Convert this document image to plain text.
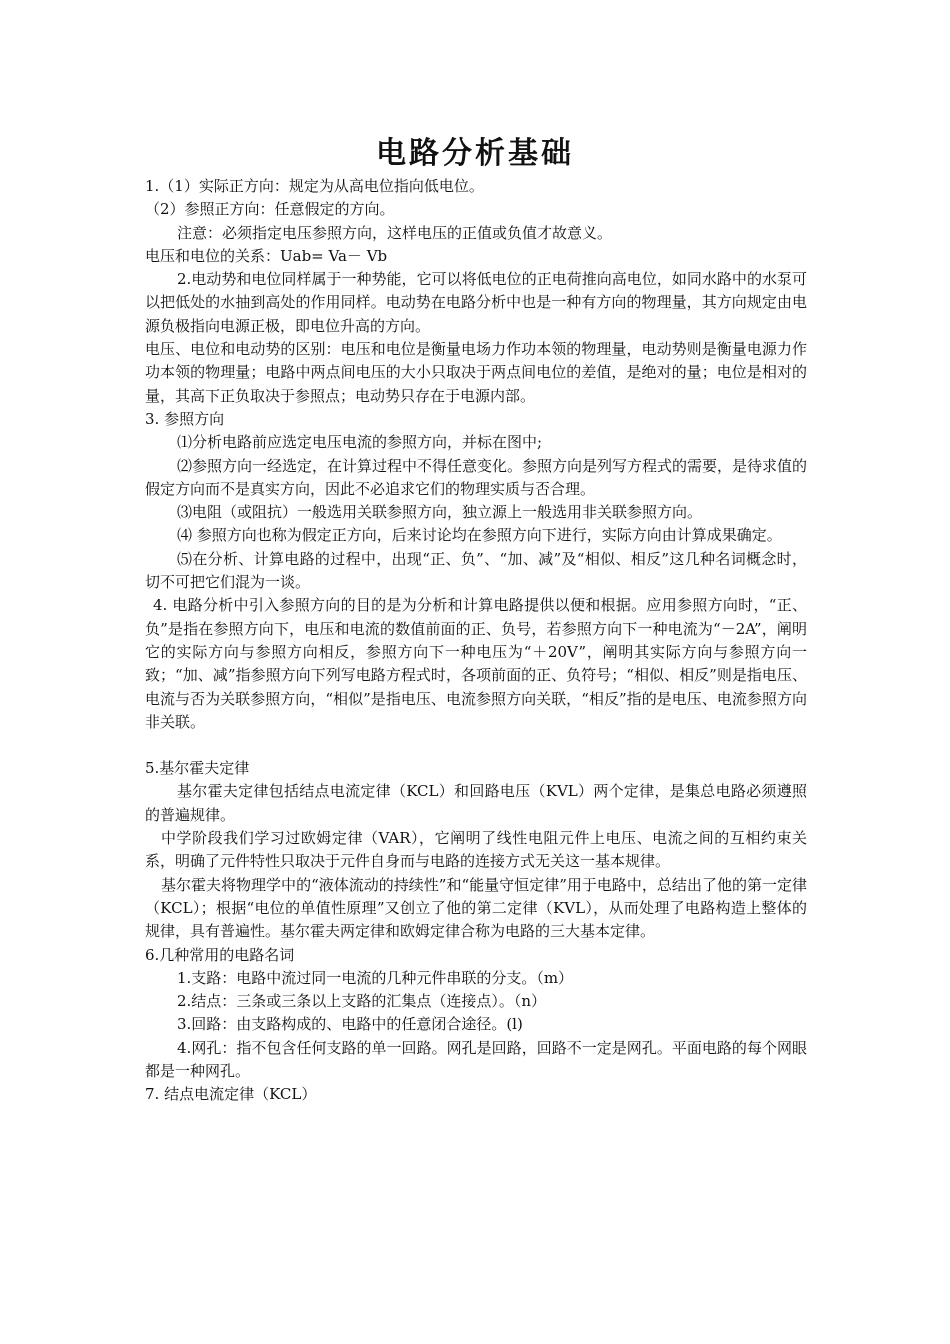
电路分析基础

1.（1）实际正方向：规定为从高电位指向低电位。

（2）参照正方向：任意假定的方向。

注意：必须指定电压参照方向，这样电压的正值或负值才故意义。

电压和电位的关系：Uab= Va－ Vb

2.电动势和电位同样属于一种势能，它可以将低电位的正电荷推向高电位，如同水路中的水泵可以把低处的水抽到高处的作用同样。电动势在电路分析中也是一种有方向的物理量，其方向规定由电源负极指向电源正极，即电位升高的方向。

电压、电位和电动势的区别：电压和电位是衡量电场力作功本领的物理量，电动势则是衡量电源力作功本领的物理量；电路中两点间电压的大小只取决于两点间电位的差值，是绝对的量；电位是相对的量，其高下正负取决于参照点；电动势只存在于电源内部。

3. 参照方向

⑴分析电路前应选定电压电流的参照方向，并标在图中;

⑵参照方向一经选定，在计算过程中不得任意变化。参照方向是列写方程式的需要，是待求值的假定方向而不是真实方向，因此不必追求它们的物理实质与否合理。

⑶电阻（或阻抗）一般选用关联参照方向，独立源上一般选用非关联参照方向。

⑷ 参照方向也称为假定正方向，后来讨论均在参照方向下进行，实际方向由计算成果确定。

⑸在分析、计算电路的过程中，出现“正、负”、“加、减”及“相似、相反”这几种名词概念时，切不可把它们混为一谈。

4. 电路分析中引入参照方向的目的是为分析和计算电路提供以便和根据。应用参照方向时，“正、负”是指在参照方向下，电压和电流的数值前面的正、负号，若参照方向下一种电流为“－2A”，阐明它的实际方向与参照方向相反，参照方向下一种电压为“＋20V”，阐明其实际方向与参照方向一致；“加、减”指参照方向下列写电路方程式时，各项前面的正、负符号；“相似、相反”则是指电压、电流与否为关联参照方向，“相似”是指电压、电流参照方向关联，“相反”指的是电压、电流参照方向非关联。

5.基尔霍夫定律

基尔霍夫定律包括结点电流定律（KCL）和回路电压（KVL）两个定律，是集总电路必须遵照的普遍规律。

中学阶段我们学习过欧姆定律（VAR），它阐明了线性电阻元件上电压、电流之间的互相约束关系，明确了元件特性只取决于元件自身而与电路的连接方式无关这一基本规律。

基尔霍夫将物理学中的“液体流动的持续性”和“能量守恒定律”用于电路中，总结出了他的第一定律（KCL）；根据“电位的单值性原理”又创立了他的第二定律（KVL），从而处理了电路构造上整体的规律，具有普遍性。基尔霍夫两定律和欧姆定律合称为电路的三大基本定律。

6.几种常用的电路名词

1.支路：电路中流过同一电流的几种元件串联的分支。（m）

2.结点：三条或三条以上支路的汇集点（连接点）。（n）

3.回路：由支路构成的、电路中的任意闭合途径。(l)

4.网孔：指不包含任何支路的单一回路。网孔是回路，回路不一定是网孔。平面电路的每个网眼都是一种网孔。

7. 结点电流定律（KCL）
